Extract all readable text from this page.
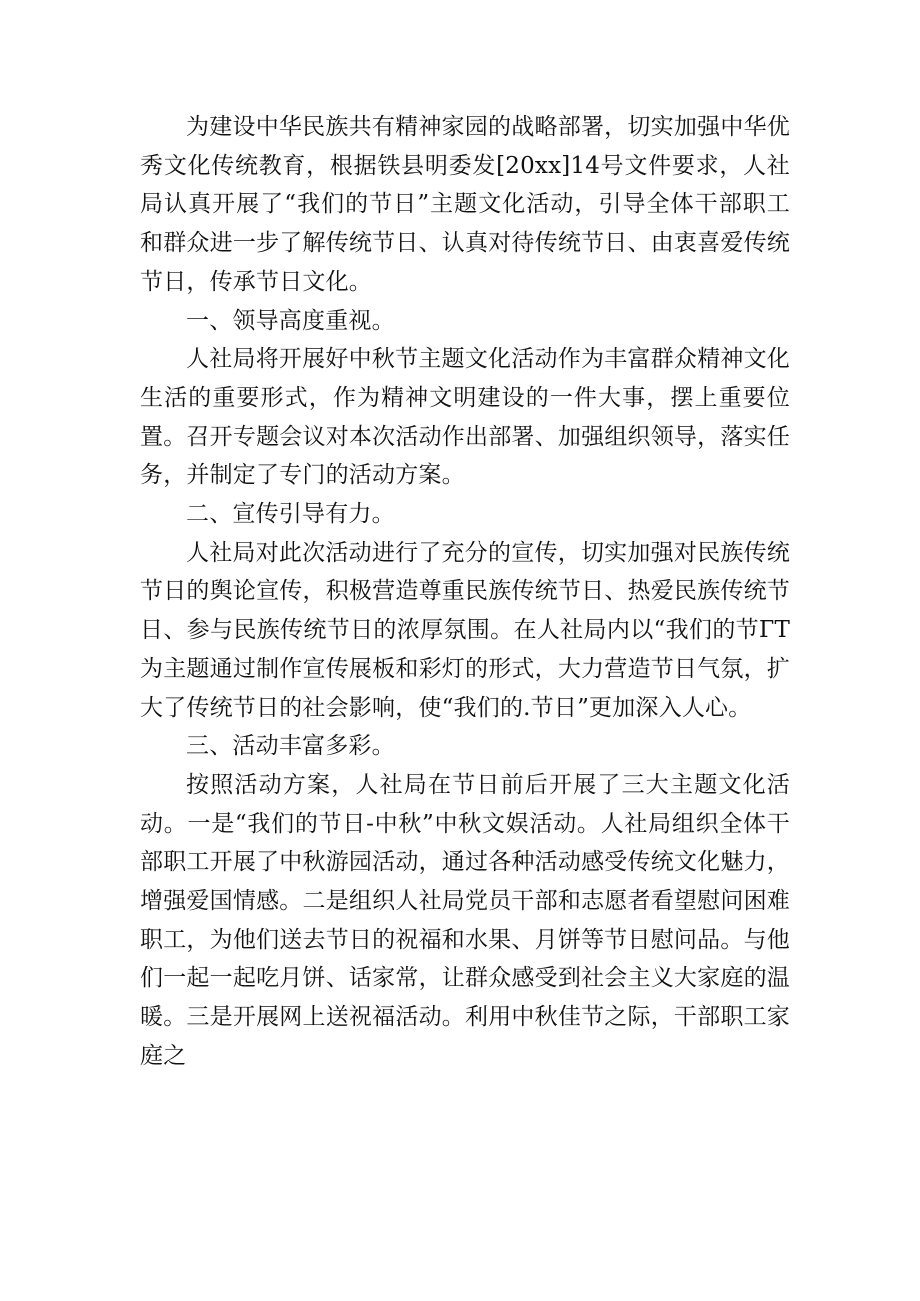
为建设中华民族共有精神家园的战略部署，切实加强中华优秀文化传统教育，根据铁县明委发[20xx]14号文件要求，人社局认真开展了“我们的节日”主题文化活动，引导全体干部职工和群众进一步了解传统节日、认真对待传统节日、由衷喜爱传统节日，传承节日文化。

一、领导高度重视。

人社局将开展好中秋节主题文化活动作为丰富群众精神文化生活的重要形式，作为精神文明建设的一件大事，摆上重要位置。召开专题会议对本次活动作出部署、加强组织领导，落实任务，并制定了专门的活动方案。

二、宣传引导有力。

人社局对此次活动进行了充分的宣传，切实加强对民族传统节日的舆论宣传，积极营造尊重民族传统节日、热爱民族传统节日、参与民族传统节日的浓厚氛围。在人社局内以“我们的节ГТ为主题通过制作宣传展板和彩灯的形式，大力营造节日气氛，扩大了传统节日的社会影响，使“我们的.节日”更加深入人心。

三、活动丰富多彩。

按照活动方案，人社局在节日前后开展了三大主题文化活动。一是“我们的节日-中秋”中秋文娱活动。人社局组织全体干部职工开展了中秋游园活动，通过各种活动感受传统文化魅力，增强爱国情感。二是组织人社局党员干部和志愿者看望慰问困难职工，为他们送去节日的祝福和水果、月饼等节日慰问品。与他们一起一起吃月饼、话家常，让群众感受到社会主义大家庭的温暖。三是开展网上送祝福活动。利用中秋佳节之际，干部职工家庭之
